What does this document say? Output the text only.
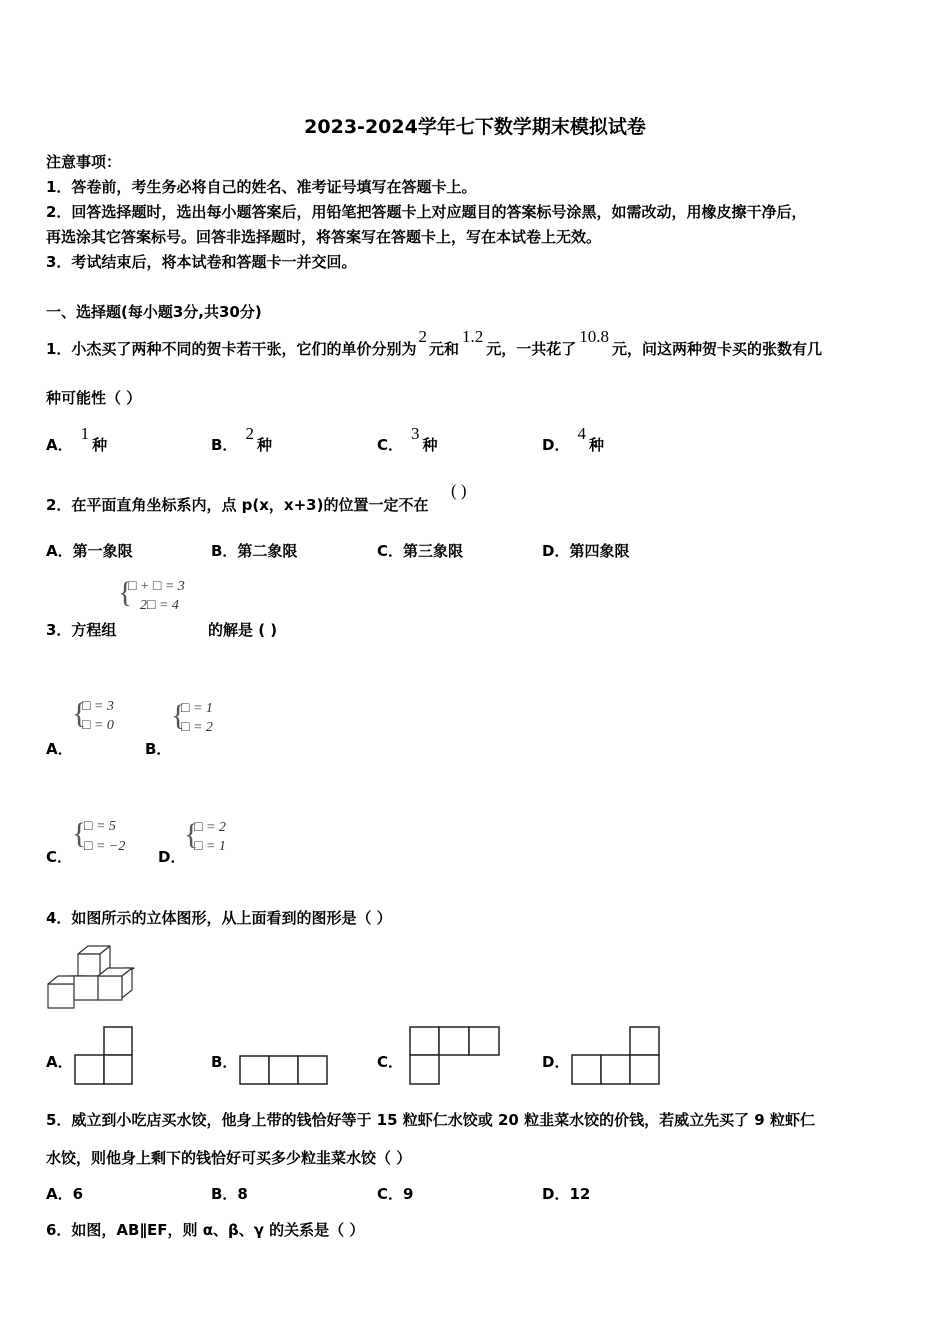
2023-2024学年七下数学期末模拟试卷
注意事项：
1．答卷前，考生务必将自己的姓名、准考证号填写在答题卡上。
2．回答选择题时，选出每小题答案后，用铅笔把答题卡上对应题目的答案标号涂黑，如需改动，用橡皮擦干净后，
再选涂其它答案标号。回答非选择题时，将答案写在答题卡上，写在本试卷上无效。
3．考试结束后，将本试卷和答题卡一并交回。
一、选择题(每小题3分,共30分)
1．小杰买了两种不同的贺卡若干张，它们的单价分别为2元和1.2元，一共花了10.8元，问这两种贺卡买的张数有几
种可能性（ ）
A．1种	B．2种	C．3种	D．4种
2．在平面直角坐标系内，点 p(x，x+3)的位置一定不在
( )
A．第一象限	B．第二象限	C．第三象限	D．第四象限
{
□ + □ = 3
2□ = 4
3．方程组	的解是 ( )
{
□ = 3
□ = 0
A．
{
□ = 1
□ = 2
B．
{
□ = 5
□ = −2
C．
{
□ = 2
□ = 1
D．
4．如图所示的立体图形，从上面看到的图形是（ ）
A．	B．	C．	D．
5．威立到小吃店买水饺，他身上带的钱恰好等于 15 粒虾仁水饺或 20 粒韭菜水饺的价钱，若威立先买了 9 粒虾仁
水饺，则他身上剩下的钱恰好可买多少粒韭菜水饺（ ）
A．6	B．8	C．9	D．12
6．如图，AB∥EF，则 α、β、γ 的关系是（ ）
